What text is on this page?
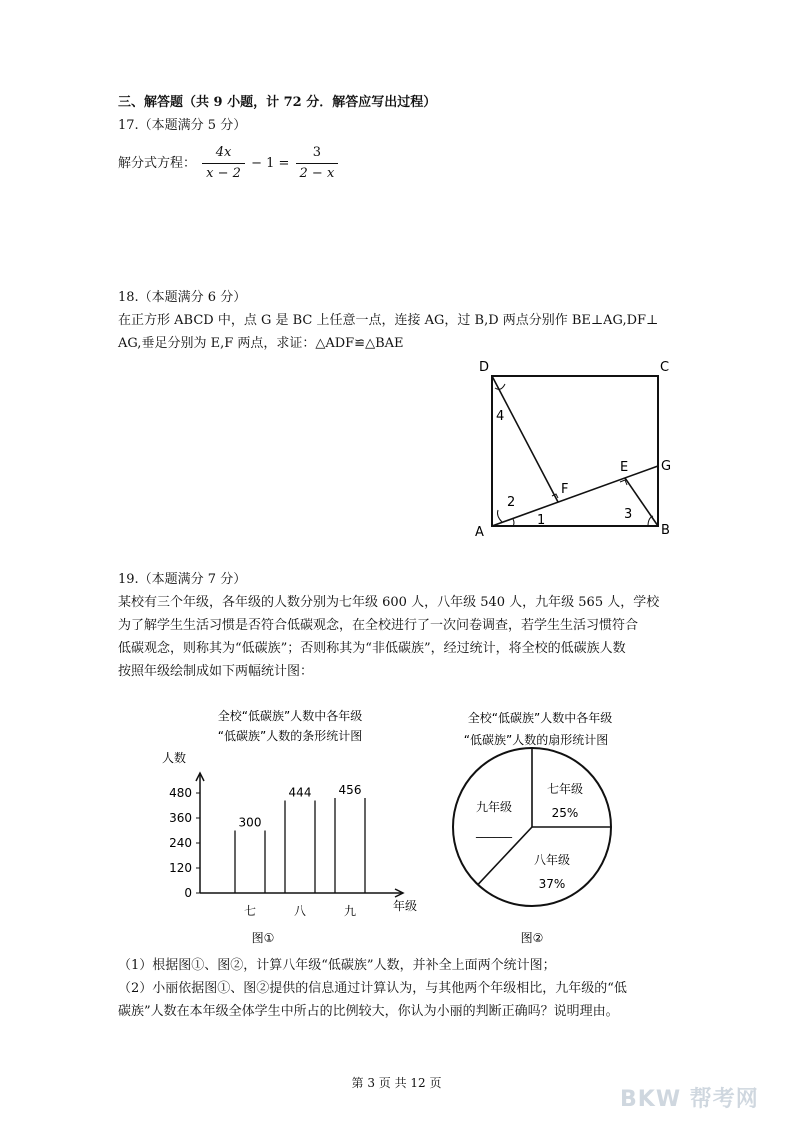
三、解答题（共 9 小题，计 72 分．解答应写出过程）
17.（本题满分 5 分）
解分式方程： $\frac{4x}{x - 2} - 1 = \frac{3}{2 - x}$
18.（本题满分 6 分）
在正方形 ABCD 中，点 G 是 BC 上任意一点，连接 AG，过 B,D 两点分别作 BE⊥AG,DF⊥
AG,垂足分别为 E,F 两点，求证：△ADF≌△BAE
D	C
A	B
E
F
G
1
2
3
4
19.（本题满分 7 分）
某校有三个年级，各年级的人数分别为七年级 600 人，八年级 540 人，九年级 565 人，学校
为了解学生生活习惯是否符合低碳观念，在全校进行了一次问卷调查，若学生生活习惯符合
低碳观念，则称其为“低碳族”；否则称其为“非低碳族”，经过统计，将全校的低碳族人数
按照年级绘制成如下两幅统计图：
全校“低碳族”人数中各年级
“低碳族”人数的条形统计图
人数
年级
图①
0
120
240
360
480
300
七
444
八
456
九
全校“低碳族”人数中各年级
“低碳族”人数的扇形统计图
图②
七年级
25%
八年级
37%
九年级
______
（1）根据图①、图②，计算八年级“低碳族”人数，并补全上面两个统计图；
（2）小丽依据图①、图②提供的信息通过计算认为，与其他两个年级相比，九年级的“低
碳族”人数在本年级全体学生中所占的比例较大，你认为小丽的判断正确吗？说明理由。
第 3 页 共 12 页
BKW 帮考网
